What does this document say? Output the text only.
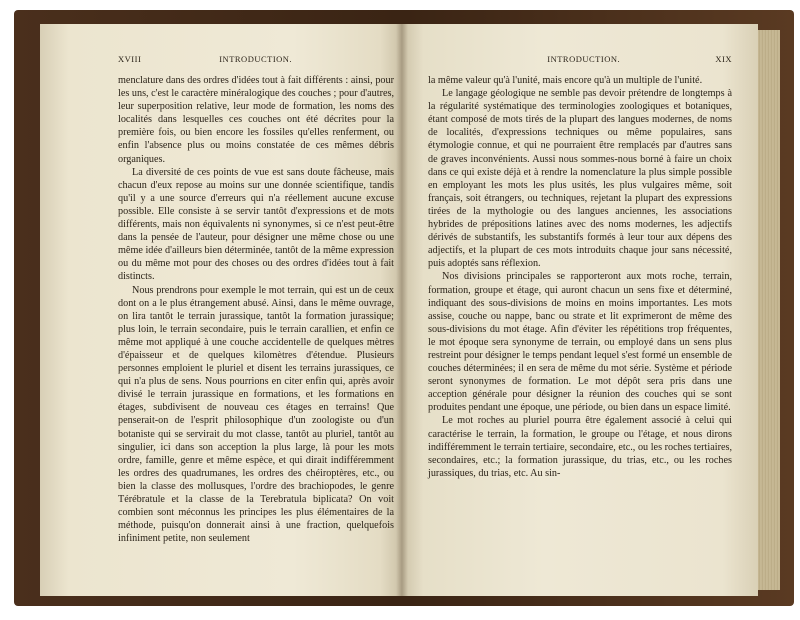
XVIII	INTRODUCTION.

menclature dans des ordres d'idées tout à fait différents : ainsi, pour les uns, c'est le caractère minéralogique des couches ; pour d'autres, leur superposition relative, leur mode de formation, les noms des localités dans lesquelles ces couches ont été décrites pour la première fois, ou bien encore les fossiles qu'elles renferment, ou enfin l'absence plus ou moins constatée de ces mêmes débris organiques.

La diversité de ces points de vue est sans doute fâcheuse, mais chacun d'eux repose au moins sur une donnée scientifique, tandis qu'il y a une source d'erreurs qui n'a réellement aucune excuse possible. Elle consiste à se servir tantôt d'expressions et de mots différents, mais non équivalents ni synonymes, si ce n'est peut-être dans la pensée de l'auteur, pour désigner une même chose ou une même idée d'ailleurs bien déterminée, tantôt de la même expression ou du même mot pour des choses ou des ordres d'idées tout à fait distincts.

Nous prendrons pour exemple le mot terrain, qui est un de ceux dont on a le plus étrangement abusé. Ainsi, dans le même ouvrage, on lira tantôt le terrain jurassique, tantôt la formation jurassique; plus loin, le terrain secondaire, puis le terrain carallien, et enfin ce même mot appliqué à une couche accidentelle de quelques mètres d'épaisseur et de quelques kilomètres d'étendue. Plusieurs personnes emploient le pluriel et disent les terrains jurassiques, ce qui n'a plus de sens. Nous pourrions en citer enfin qui, après avoir divisé le terrain jurassique en formations, et les formations en étages, subdivisent de nouveau ces étages en terrains! Que penserait-on de l'esprit philosophique d'un zoologiste ou d'un botaniste qui se servirait du mot classe, tantôt au pluriel, tantôt au singulier, ici dans son acception la plus large, là pour les mots ordre, famille, genre et même espèce, et qui dirait indifféremment les ordres des quadrumanes, les ordres des chéiroptères, etc., ou bien la classe des mollusques, l'ordre des brachiopodes, le genre Térébratule et la classe de la Terebratula biplicata? On voit combien sont méconnus les principes les plus élémentaires de la méthode, puisqu'on donnerait ainsi à une fraction, quelquefois infiniment petite, non seulement

INTRODUCTION.	XIX

la même valeur qu'à l'unité, mais encore qu'à un multiple de l'unité.

Le langage géologique ne semble pas devoir prétendre de longtemps à la régularité systématique des terminologies zoologiques et botaniques, étant composé de mots tirés de la plupart des langues modernes, de noms de localités, d'expressions techniques ou même populaires, sans étymologie connue, et qui ne pourraient être remplacés par d'autres sans de graves inconvénients. Aussi nous sommes-nous borné à faire un choix dans ce qui existe déjà et à rendre la nomenclature la plus simple possible en employant les mots les plus usités, les plus vulgaires même, soit français, soit étrangers, ou techniques, rejetant la plupart des expressions tirées de la mythologie ou des langues anciennes, les associations hybrides de prépositions latines avec des noms modernes, les adjectifs dérivés de substantifs, les substantifs formés à leur tour aux dépens des adjectifs, et la plupart de ces mots introduits chaque jour sans nécessité, puis adoptés sans réflexion.

Nos divisions principales se rapporteront aux mots roche, terrain, formation, groupe et étage, qui auront chacun un sens fixe et déterminé, indiquant des sous-divisions de moins en moins importantes. Les mots assise, couche ou nappe, banc ou strate et lit exprimeront de même des sous-divisions du mot étage. Afin d'éviter les répétitions trop fréquentes, le mot époque sera synonyme de terrain, ou employé dans un sens plus restreint pour désigner le temps pendant lequel s'est formé un ensemble de couches déterminées; il en sera de même du mot série. Système et période seront synonymes de formation. Le mot dépôt sera pris dans une acception générale pour désigner la réunion des couches qui se sont produites pendant une époque, une période, ou bien dans un espace limité.

Le mot roches au pluriel pourra être également associé à celui qui caractérise le terrain, la formation, le groupe ou l'étage, et nous dirons indifféremment le terrain tertiaire, secondaire, etc., ou les roches tertiaires, secondaires, etc.; la formation jurassique, du trias, etc., ou les roches jurassiques, du trias, etc. Au sin-
